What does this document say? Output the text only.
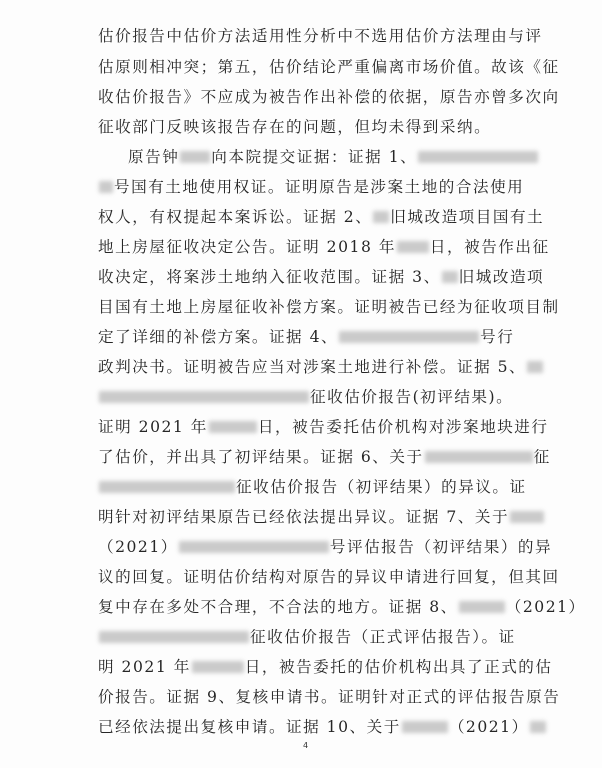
估价报告中估价方法适用性分析中不选用估价方法理由与评
估原则相冲突；第五，估价结论严重偏离市场价值。故该《征
收估价报告》不应成为被告作出补偿的依据，原告亦曾多次向
征收部门反映该报告存在的问题，但均未得到采纳。
原告钟 向本院提交证据：证据 1、
号国有土地使用权证。证明原告是涉案土地的合法使用
权人，有权提起本案诉讼。证据 2、 旧城改造项目国有土
地上房屋征收决定公告。证明 2018 年 日，被告作出征
收决定，将案涉土地纳入征收范围。证据 3、 旧城改造项
目国有土地上房屋征收补偿方案。证明被告已经为征收项目制
定了详细的补偿方案。证据 4、	号行
政判决书。证明被告应当对涉案土地进行补偿。证据 5、
征收估价报告(初评结果)。
证明 2021 年	日，被告委托估价机构对涉案地块进行
了估价，并出具了初评结果。证据 6、关于	征
征收估价报告（初评结果）的异议。证
明针对初评结果原告已经依法提出异议。证据 7、关于
（2021）	号评估报告（初评结果）的异
议的回复。证明估价结构对原告的异议申请进行回复，但其回
复中存在多处不合理，不合法的地方。证据 8、	（2021）
征收估价报告（正式评估报告）。证
明 2021 年	日，被告委托的估价机构出具了正式的估
价报告。证据 9、复核申请书。证明针对正式的评估报告原告
已经依法提出复核申请。证据 10、关于	（2021）
4
